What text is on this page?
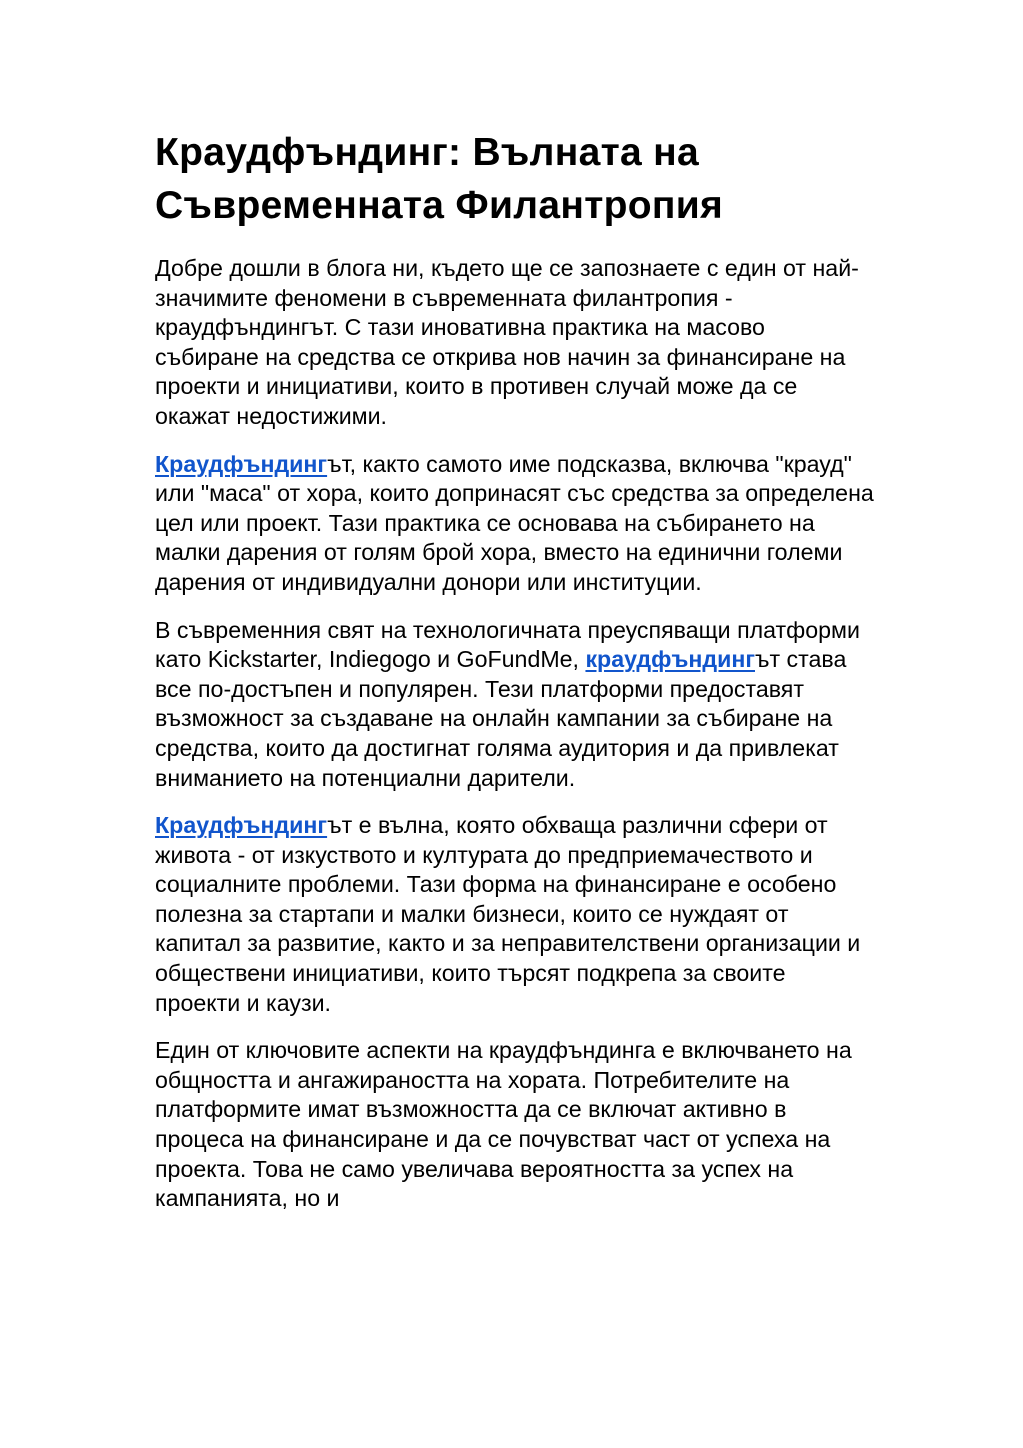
Краудфъндинг: Вълната на Съвременната Филантропия

Добре дошли в блога ни, където ще се запознаете с един от най-значимите феномени в съвременната филантропия - краудфъндингът. С тази иновативна практика на масово събиране на средства се открива нов начин за финансиране на проекти и инициативи, които в противен случай може да се окажат недостижими.

Краудфъндингът, както самото име подсказва, включва "крауд" или "маса" от хора, които допринасят със средства за определена цел или проект. Тази практика се основава на събирането на малки дарения от голям брой хора, вместо на единични големи дарения от индивидуални донори или институции.

В съвременния свят на технологичната преуспяващи платформи като Kickstarter, Indiegogo и GoFundMe, краудфъндингът става все по-достъпен и популярен. Тези платформи предоставят възможност за създаване на онлайн кампании за събиране на средства, които да достигнат голяма аудитория и да привлекат вниманието на потенциални дарители.

Краудфъндингът е вълна, която обхваща различни сфери от живота - от изкуството и културата до предприемачеството и социалните проблеми. Тази форма на финансиране е особено полезна за стартапи и малки бизнеси, които се нуждаят от капитал за развитие, както и за неправителствени организации и обществени инициативи, които търсят подкрепа за своите проекти и каузи.

Един от ключовите аспекти на краудфъндинга е включването на общността и ангажираността на хората. Потребителите на платформите имат възможността да се включат активно в процеса на финансиране и да се почувстват част от успеха на проекта. Това не само увеличава вероятността за успех на кампанията, но и
